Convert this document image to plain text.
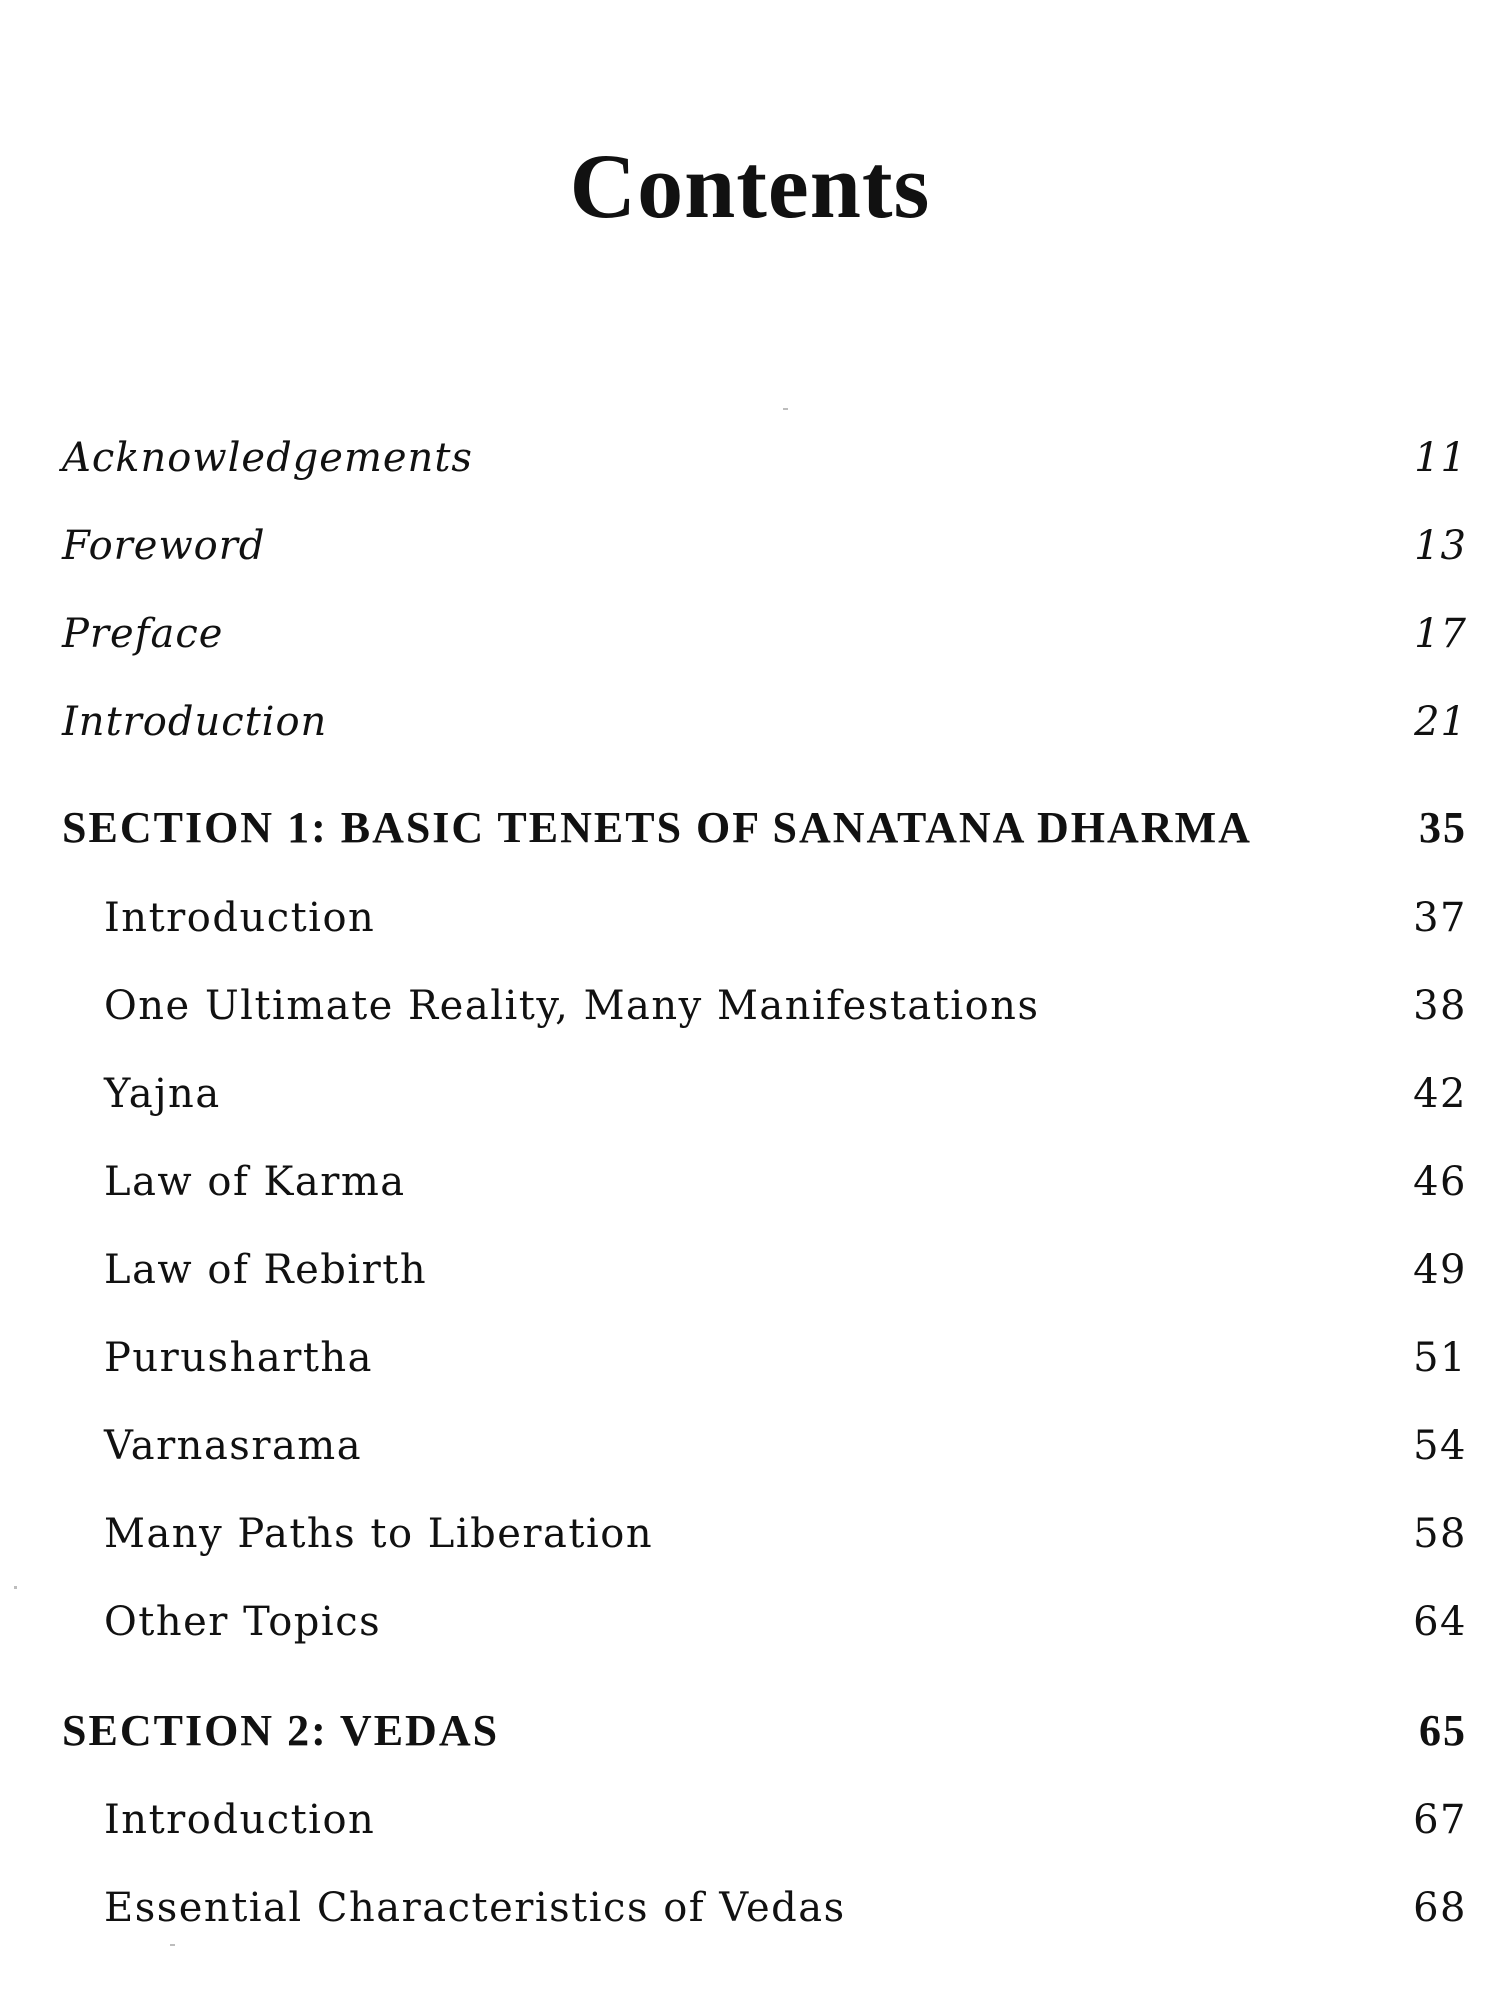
Contents
Acknowledgements	11
Foreword	13
Preface	17
Introduction	21
SECTION 1: BASIC TENETS OF SANATANA DHARMA	35
Introduction	37
One Ultimate Reality, Many Manifestations	38
Yajna	42
Law of Karma	46
Law of Rebirth	49
Purushartha	51
Varnasrama	54
Many Paths to Liberation	58
Other Topics	64
SECTION 2: VEDAS	65
Introduction	67
Essential Characteristics of Vedas	68
